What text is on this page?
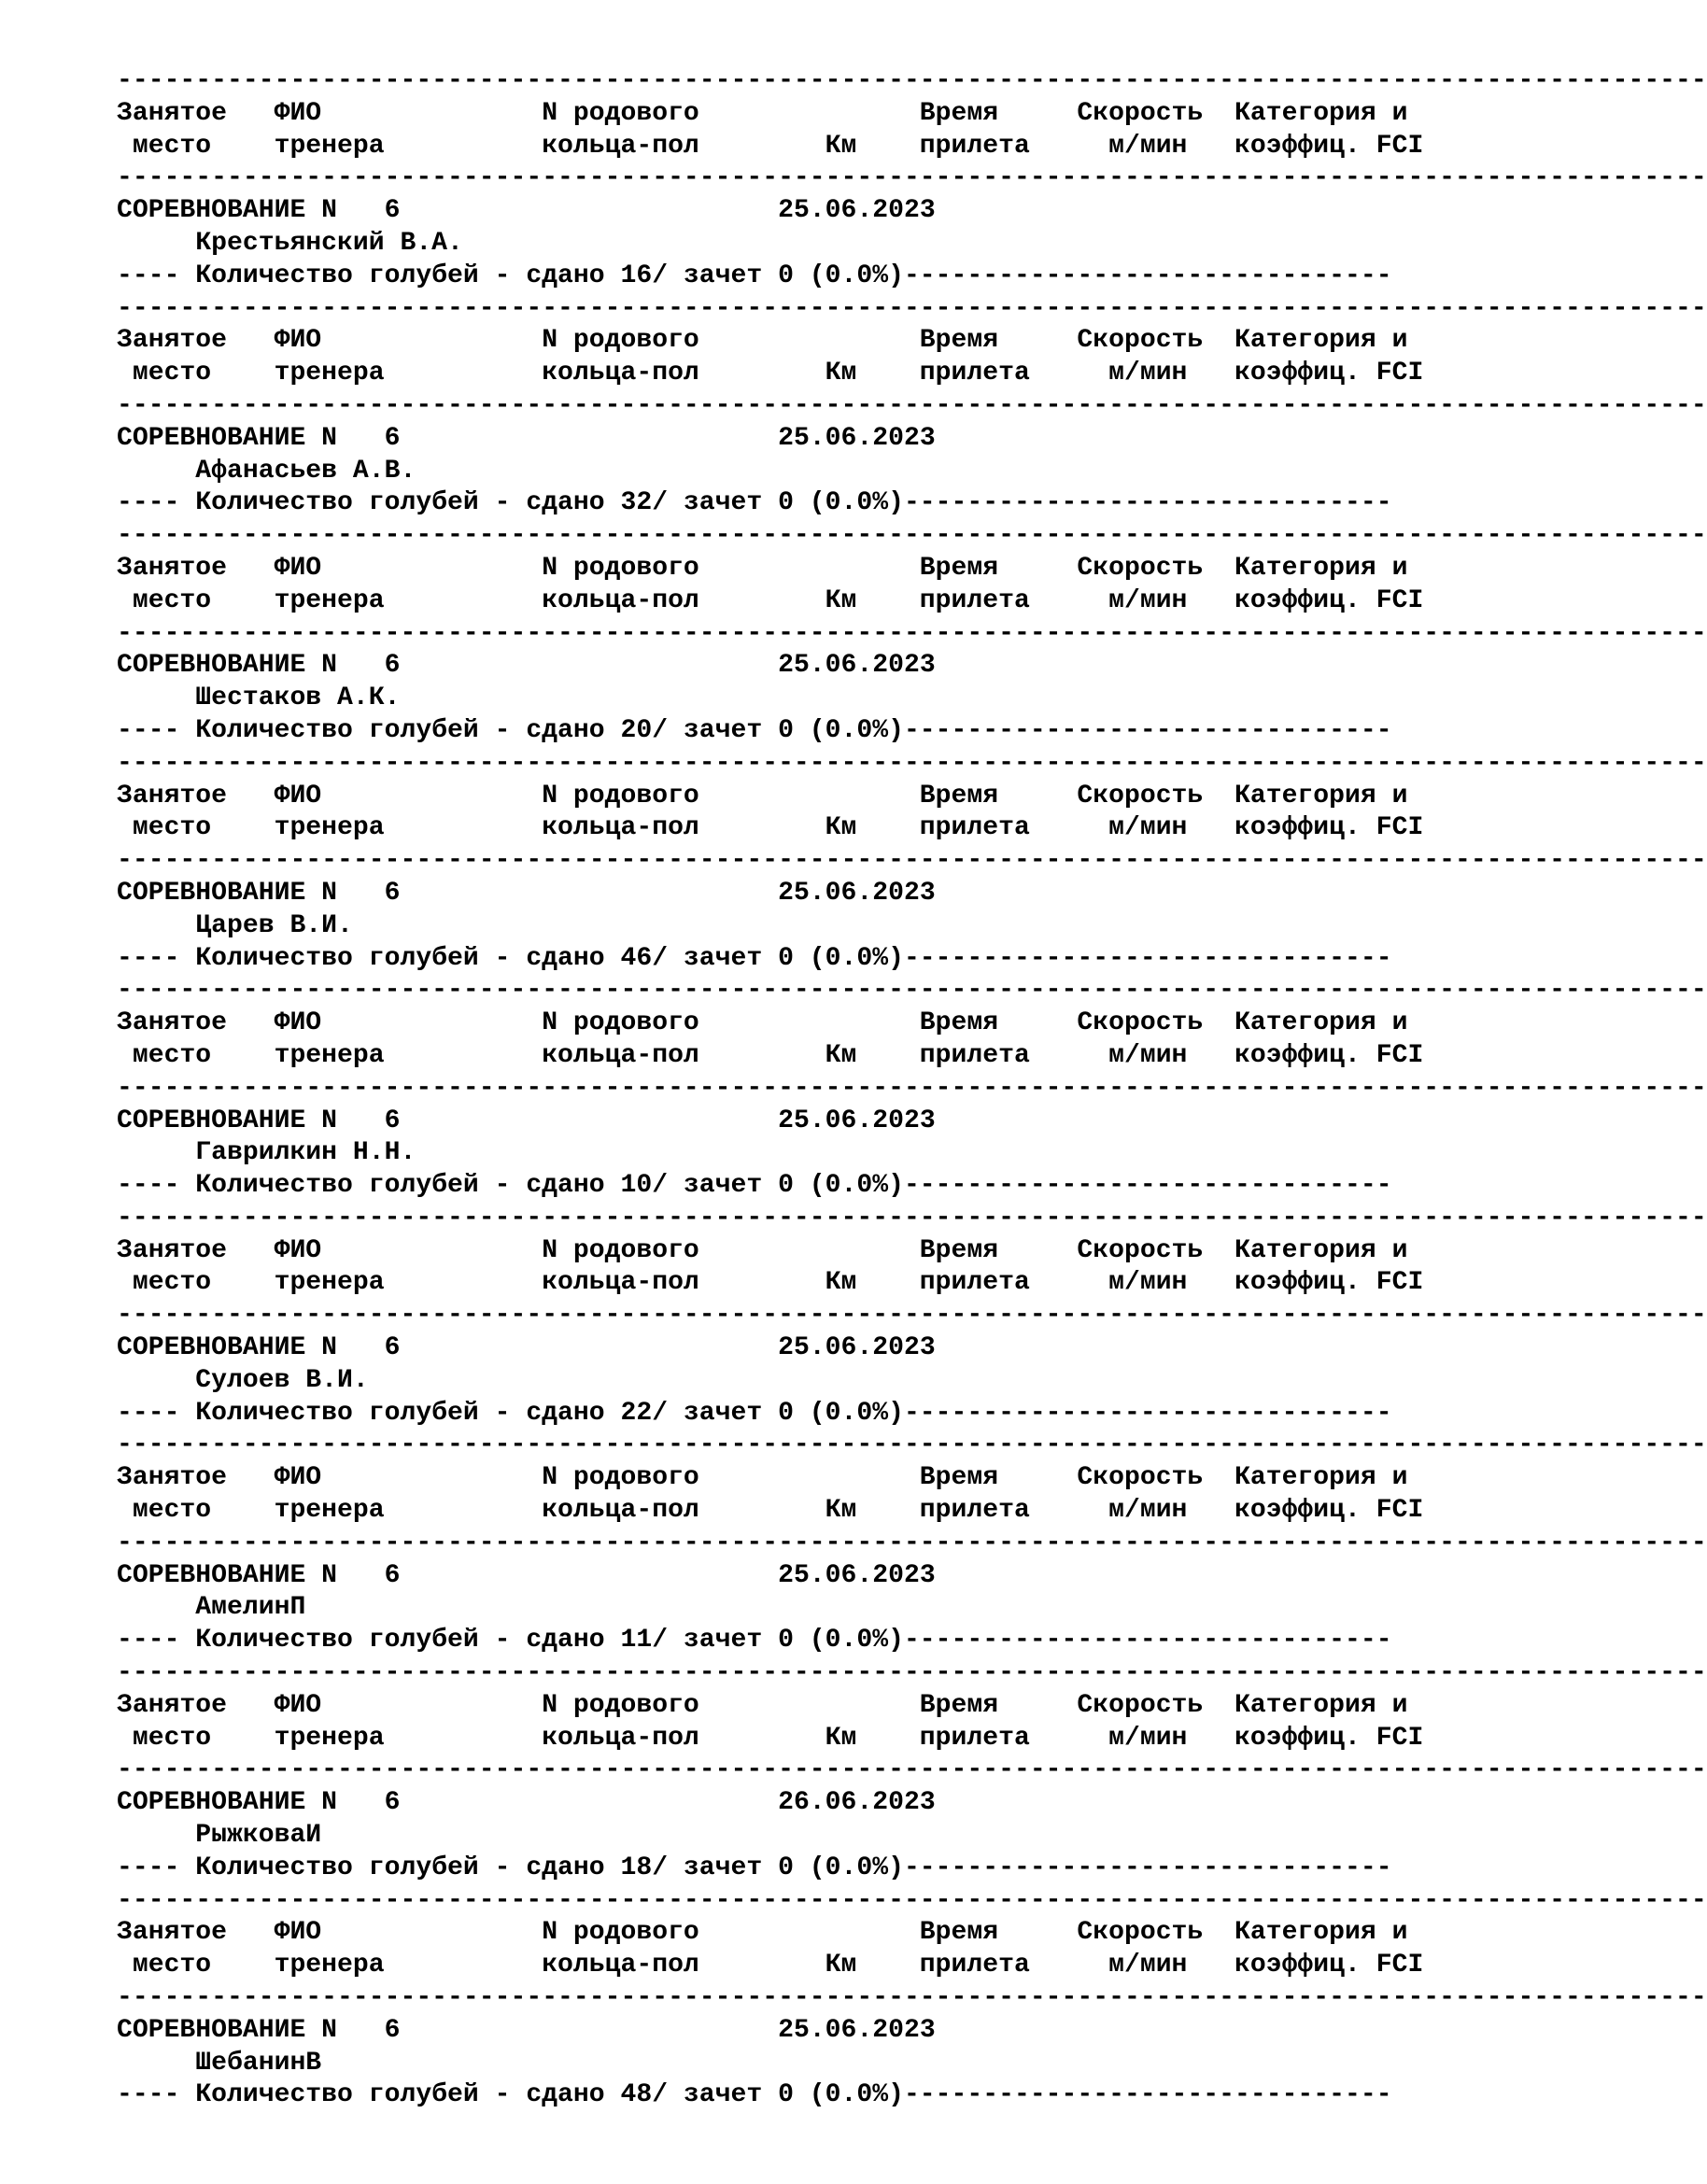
-----------------------------------------------------------------------------------------------------
Занятое   ФИО              N родового              Время     Скорость  Категория и
место    тренера          кольца-пол        Км    прилета     м/мин   коэффиц. FCI
-----------------------------------------------------------------------------------------------------
СОРЕВНОВАНИЕ N   6	25.06.2023
Крестьянский В.А.
---- Количество голубей - сдано 16/ зачет 0 (0.0%)-------------------------------
-----------------------------------------------------------------------------------------------------
Занятое   ФИО              N родового              Время     Скорость  Категория и
место    тренера          кольца-пол        Км    прилета     м/мин   коэффиц. FCI
-----------------------------------------------------------------------------------------------------
СОРЕВНОВАНИЕ N   6	25.06.2023
Афанасьев А.В.
---- Количество голубей - сдано 32/ зачет 0 (0.0%)-------------------------------
-----------------------------------------------------------------------------------------------------
Занятое   ФИО              N родового              Время     Скорость  Категория и
место    тренера          кольца-пол        Км    прилета     м/мин   коэффиц. FCI
-----------------------------------------------------------------------------------------------------
СОРЕВНОВАНИЕ N   6	25.06.2023
Шестаков А.К.
---- Количество голубей - сдано 20/ зачет 0 (0.0%)-------------------------------
-----------------------------------------------------------------------------------------------------
Занятое   ФИО              N родового              Время     Скорость  Категория и
место    тренера          кольца-пол        Км    прилета     м/мин   коэффиц. FCI
-----------------------------------------------------------------------------------------------------
СОРЕВНОВАНИЕ N   6	25.06.2023
Царев В.И.
---- Количество голубей - сдано 46/ зачет 0 (0.0%)-------------------------------
-----------------------------------------------------------------------------------------------------
Занятое   ФИО              N родового              Время     Скорость  Категория и
место    тренера          кольца-пол        Км    прилета     м/мин   коэффиц. FCI
-----------------------------------------------------------------------------------------------------
СОРЕВНОВАНИЕ N   6	25.06.2023
Гаврилкин Н.Н.
---- Количество голубей - сдано 10/ зачет 0 (0.0%)-------------------------------
-----------------------------------------------------------------------------------------------------
Занятое   ФИО              N родового              Время     Скорость  Категория и
место    тренера          кольца-пол        Км    прилета     м/мин   коэффиц. FCI
-----------------------------------------------------------------------------------------------------
СОРЕВНОВАНИЕ N   6	25.06.2023
Сулоев В.И.
---- Количество голубей - сдано 22/ зачет 0 (0.0%)-------------------------------
-----------------------------------------------------------------------------------------------------
Занятое   ФИО              N родового              Время     Скорость  Категория и
место    тренера          кольца-пол        Км    прилета     м/мин   коэффиц. FCI
-----------------------------------------------------------------------------------------------------
СОРЕВНОВАНИЕ N   6	25.06.2023
АмелинП
---- Количество голубей - сдано 11/ зачет 0 (0.0%)-------------------------------
-----------------------------------------------------------------------------------------------------
Занятое   ФИО              N родового              Время     Скорость  Категория и
место    тренера          кольца-пол        Км    прилета     м/мин   коэффиц. FCI
-----------------------------------------------------------------------------------------------------
СОРЕВНОВАНИЕ N   6	26.06.2023
РыжковаИ
---- Количество голубей - сдано 18/ зачет 0 (0.0%)-------------------------------
-----------------------------------------------------------------------------------------------------
Занятое   ФИО              N родового              Время     Скорость  Категория и
место    тренера          кольца-пол        Км    прилета     м/мин   коэффиц. FCI
-----------------------------------------------------------------------------------------------------
СОРЕВНОВАНИЕ N   6	25.06.2023
ШебанинВ
---- Количество голубей - сдано 48/ зачет 0 (0.0%)-------------------------------
